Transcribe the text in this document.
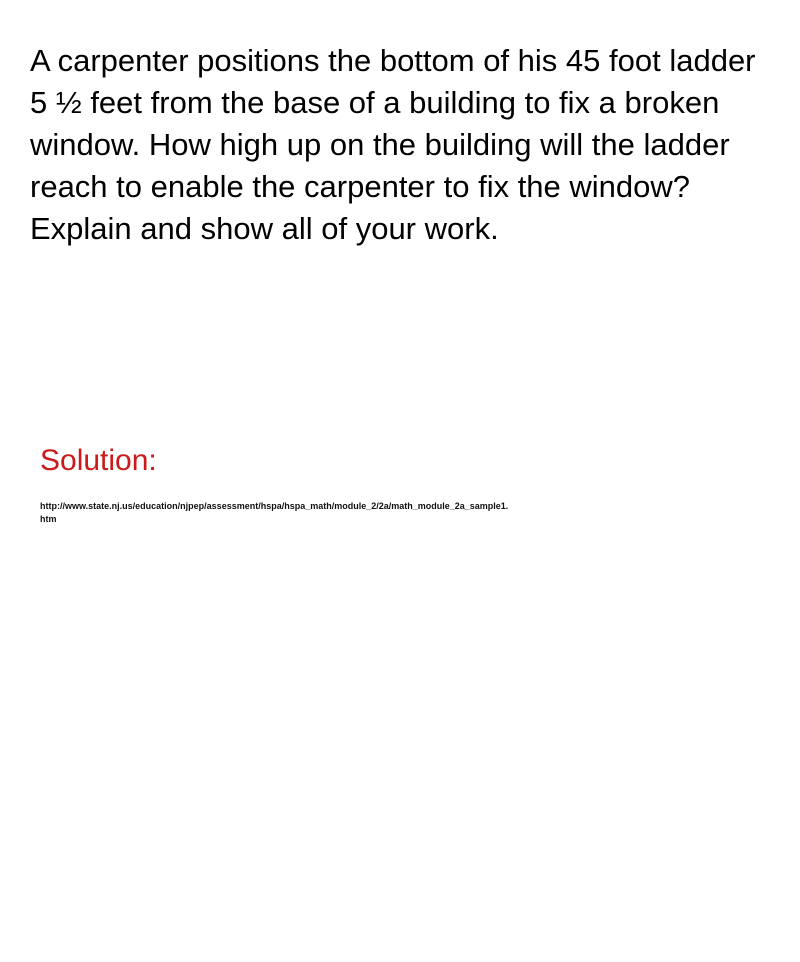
A carpenter positions the bottom of his 45 foot ladder 5 ½ feet from the base of a building to fix a broken window. How high up on the building will the ladder reach to enable the carpenter to fix the window? Explain and show all of your work.

Solution:
http://www.state.nj.us/education/njpep/assessment/hspa/hspa_math/module_2/2a/math_module_2a_sample1.
htm
